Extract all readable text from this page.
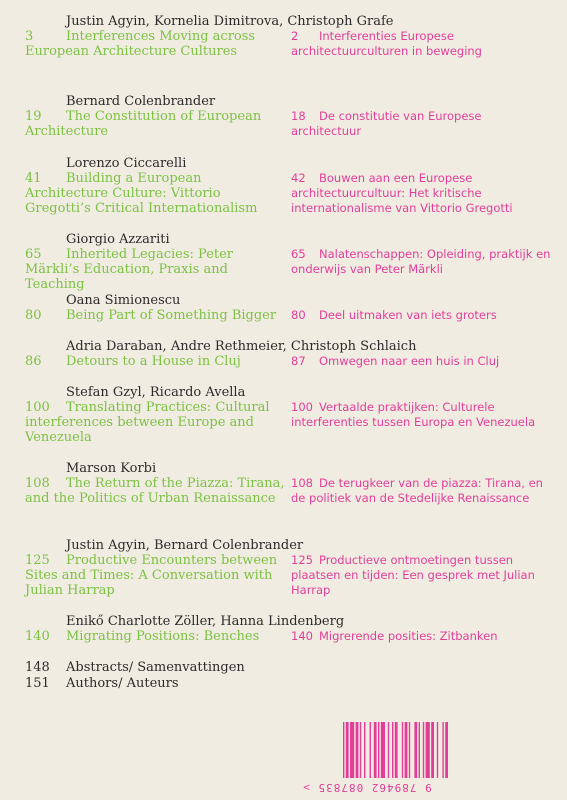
Justin Agyin, Kornelia Dimitrova, Christoph Grafe
3	Interferences Moving across European Architecture Cultures
2 Interferenties Europese architectuurculturen in beweging
Bernard Colenbrander
19 The Constitution of European Architecture
18 De constitutie van Europese architectuur
Lorenzo Ciccarelli
41 Building a European Architecture Culture: Vittorio Gregotti’s Critical Internationalism
42 Bouwen aan een Europese architectuurcultuur: Het kritische internationalisme van Vittorio Gregotti
Giorgio Azzariti
65 Inherited Legacies: Peter Märkli’s Education, Praxis and Teaching
65 Nalatenschappen: Opleiding, praktijk en onderwijs van Peter Märkli
Oana Simionescu
80 Being Part of Something Bigger	80 Deel uitmaken van iets groters
Adria Daraban, Andre Rethmeier, Christoph Schlaich
86 Detours to a House in Cluj	87 Omwegen naar een huis in Cluj
Stefan Gzyl, Ricardo Avella
100 Translating Practices: Cultural interferences between Europe and Venezuela
100 Vertaalde praktijken: Culturele interferenties tussen Europa en Venezuela
Marson Korbi
108 The Return of the Piazza: Tirana, and the Politics of Urban Renaissance
108 De terugkeer van de piazza: Tirana, en de politiek van de Stedelijke Renaissance
Justin Agyin, Bernard Colenbrander
125 Productive Encounters between Sites and Times: A Conversation with Julian Harrap
125 Productieve ontmoetingen tussen plaatsen en tijden: Een gesprek met Julian Harrap
Enikő Charlotte Zöller, Hanna Lindenberg
140 Migrating Positions: Benches	140 Migrerende posities: Zitbanken
148 Abstracts/ Samenvattingen
151 Authors/ Auteurs
9 789462 087835 >
